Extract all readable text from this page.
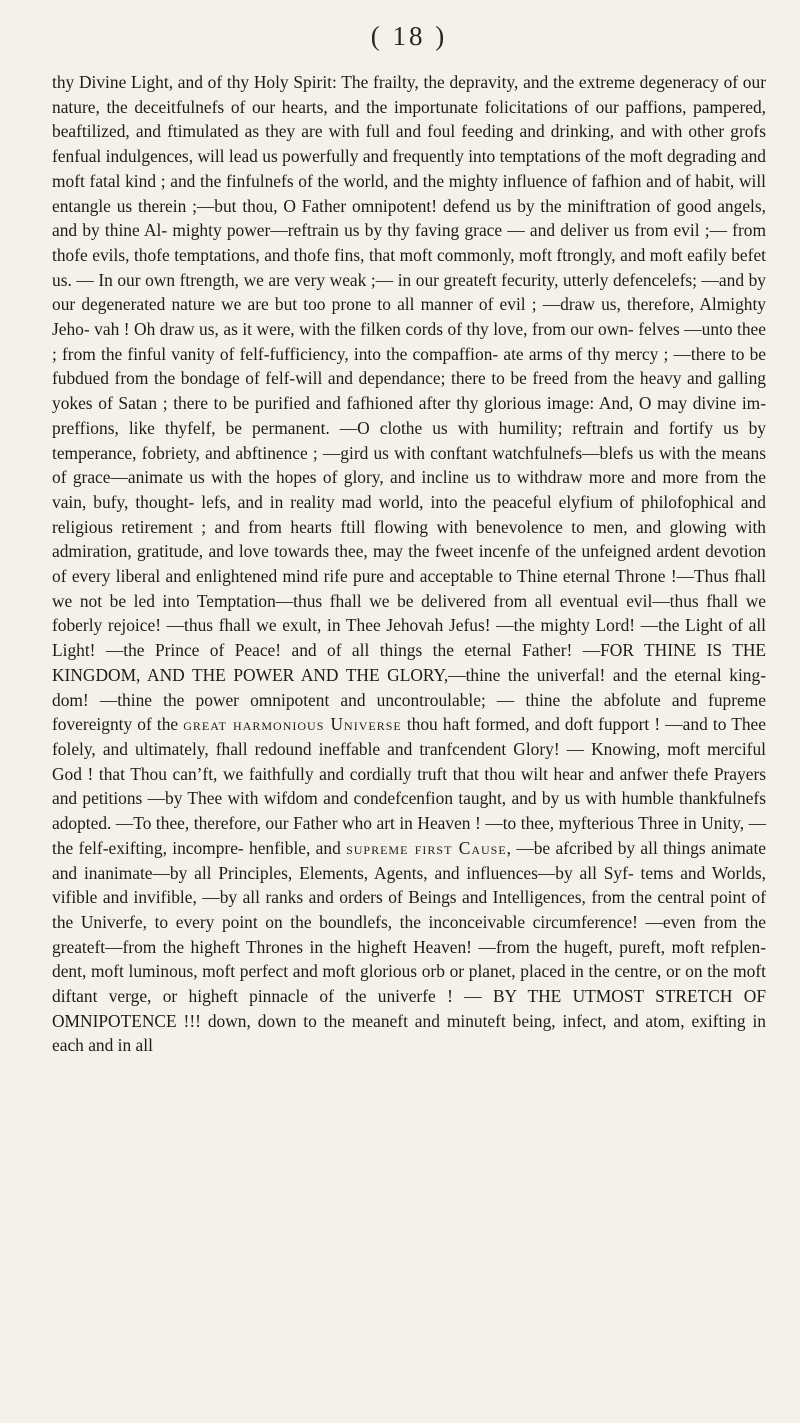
( 18 )

thy Divine Light, and of thy Holy Spirit: The frailty, the depravity, and the extreme degeneracy of our nature, the deceitfulnefs of our hearts, and the importunate folicitations of our paffions, pampered, beaftilized, and ftimulated as they are with full and foul feeding and drinking, and with other grofs fenfual indulgences, will lead us powerfully and frequently into temptations of the moft degrading and moft fatal kind ; and the finfulnefs of the world, and the mighty influence of fafhion and of habit, will entangle us therein ;—but thou, O Father omnipotent! defend us by the miniftration of good angels, and by thine Al- mighty power—reftrain us by thy faving grace — and deliver us from evil ;— from thofe evils, thofe temptations, and thofe fins, that moft commonly, moft ftrongly, and moft eafily befet us. — In our own ftrength, we are very weak ;— in our greateft fecurity, utterly defencelefs; —and by our degenerated nature we are but too prone to all manner of evil ; —draw us, therefore, Almighty Jeho- vah ! Oh draw us, as it were, with the filken cords of thy love, from our own- felves —unto thee ; from the finful vanity of felf-fufficiency, into the compaffion- ate arms of thy mercy ; —there to be fubdued from the bondage of felf-will and dependance; there to be freed from the heavy and galling yokes of Satan ; there to be purified and fafhioned after thy glorious image: And, O may divine im- preffions, like thyfelf, be permanent. —O clothe us with humility; reftrain and fortify us by temperance, fobriety, and abftinence ; —gird us with conftant watchfulnefs—blefs us with the means of grace—animate us with the hopes of glory, and incline us to withdraw more and more from the vain, bufy, thought- lefs, and in reality mad world, into the peaceful elyfium of philofophical and religious retirement ; and from hearts ftill flowing with benevolence to men, and glowing with admiration, gratitude, and love towards thee, may the fweet incenfe of the unfeigned ardent devotion of every liberal and enlightened mind rife pure and acceptable to Thine eternal Throne !—Thus fhall we not be led into Temptation—thus fhall we be delivered from all eventual evil—thus fhall we foberly rejoice! —thus fhall we exult, in Thee Jehovah Jefus! —the mighty Lord! —the Light of all Light! —the Prince of Peace! and of all things the eternal Father! —FOR THINE IS THE KINGDOM, AND THE POWER AND THE GLORY,—thine the univerfal! and the eternal king- dom! —thine the power omnipotent and uncontroulable; — thine the abfolute and fupreme fovereignty of the great harmonious Universe thou haft formed, and doft fupport ! —and to Thee folely, and ultimately, fhall redound ineffable and tranfcendent Glory! — Knowing, moft merciful God ! that Thou can’ft, we faithfully and cordially truft that thou wilt hear and anfwer thefe Prayers and petitions —by Thee with wifdom and condefcenfion taught, and by us with humble thankfulnefs adopted. —To thee, therefore, our Father who art in Heaven ! —to thee, myfterious Three in Unity, —the felf-exifting, incompre- henfible, and supreme first Cause, —be afcribed by all things animate and inanimate—by all Principles, Elements, Agents, and influences—by all Syf- tems and Worlds, vifible and invifible, —by all ranks and orders of Beings and Intelligences, from the central point of the Univerfe, to every point on the boundlefs, the inconceivable circumference! —even from the greateft—from the higheft Thrones in the higheft Heaven! —from the hugeft, pureft, moft refplen- dent, moft luminous, moft perfect and moft glorious orb or planet, placed in the centre, or on the moft diftant verge, or higheft pinnacle of the univerfe ! — BY THE UTMOST STRETCH OF OMNIPOTENCE !!! down, down to the meaneft and minuteft being, infect, and atom, exifting in each and in all
